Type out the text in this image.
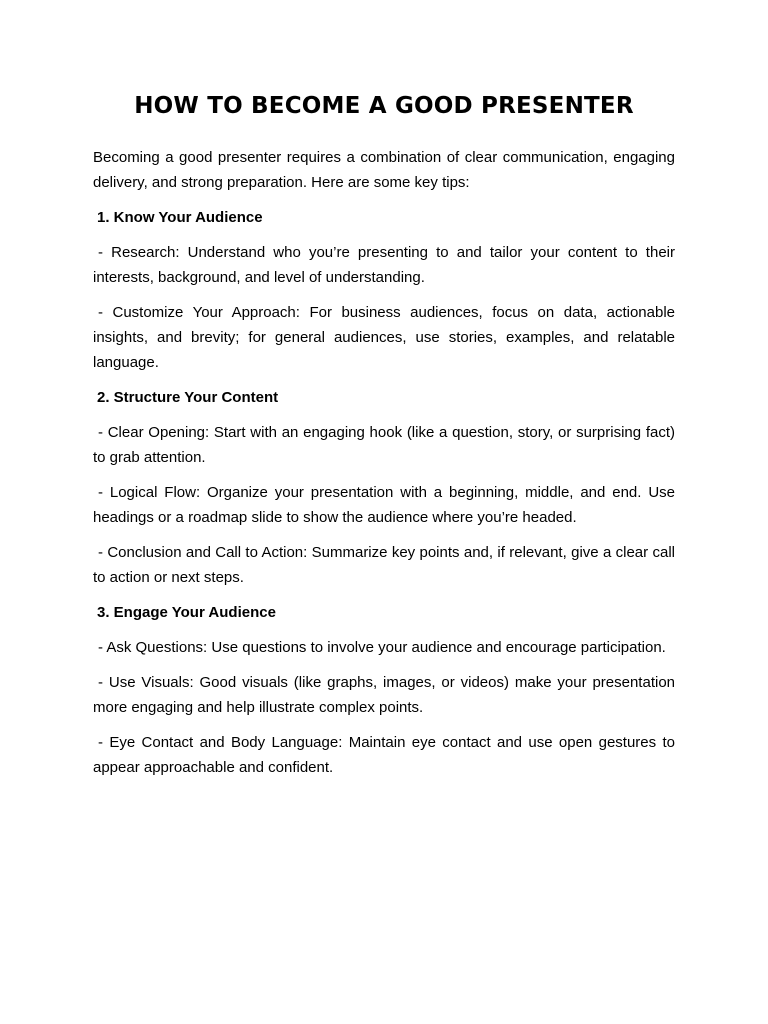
HOW TO BECOME A GOOD PRESENTER

Becoming a good presenter requires a combination of clear communication, engaging delivery, and strong preparation. Here are some key tips:

1. Know Your Audience

- Research: Understand who you’re presenting to and tailor your content to their interests, background, and level of understanding.

- Customize Your Approach: For business audiences, focus on data, actionable insights, and brevity; for general audiences, use stories, examples, and relatable language.

2. Structure Your Content

- Clear Opening: Start with an engaging hook (like a question, story, or surprising fact) to grab attention.

- Logical Flow: Organize your presentation with a beginning, middle, and end. Use headings or a roadmap slide to show the audience where you’re headed.

- Conclusion and Call to Action: Summarize key points and, if relevant, give a clear call to action or next steps.

3. Engage Your Audience

- Ask Questions: Use questions to involve your audience and encourage participation.

- Use Visuals: Good visuals (like graphs, images, or videos) make your presentation more engaging and help illustrate complex points.

- Eye Contact and Body Language: Maintain eye contact and use open gestures to appear approachable and confident.
